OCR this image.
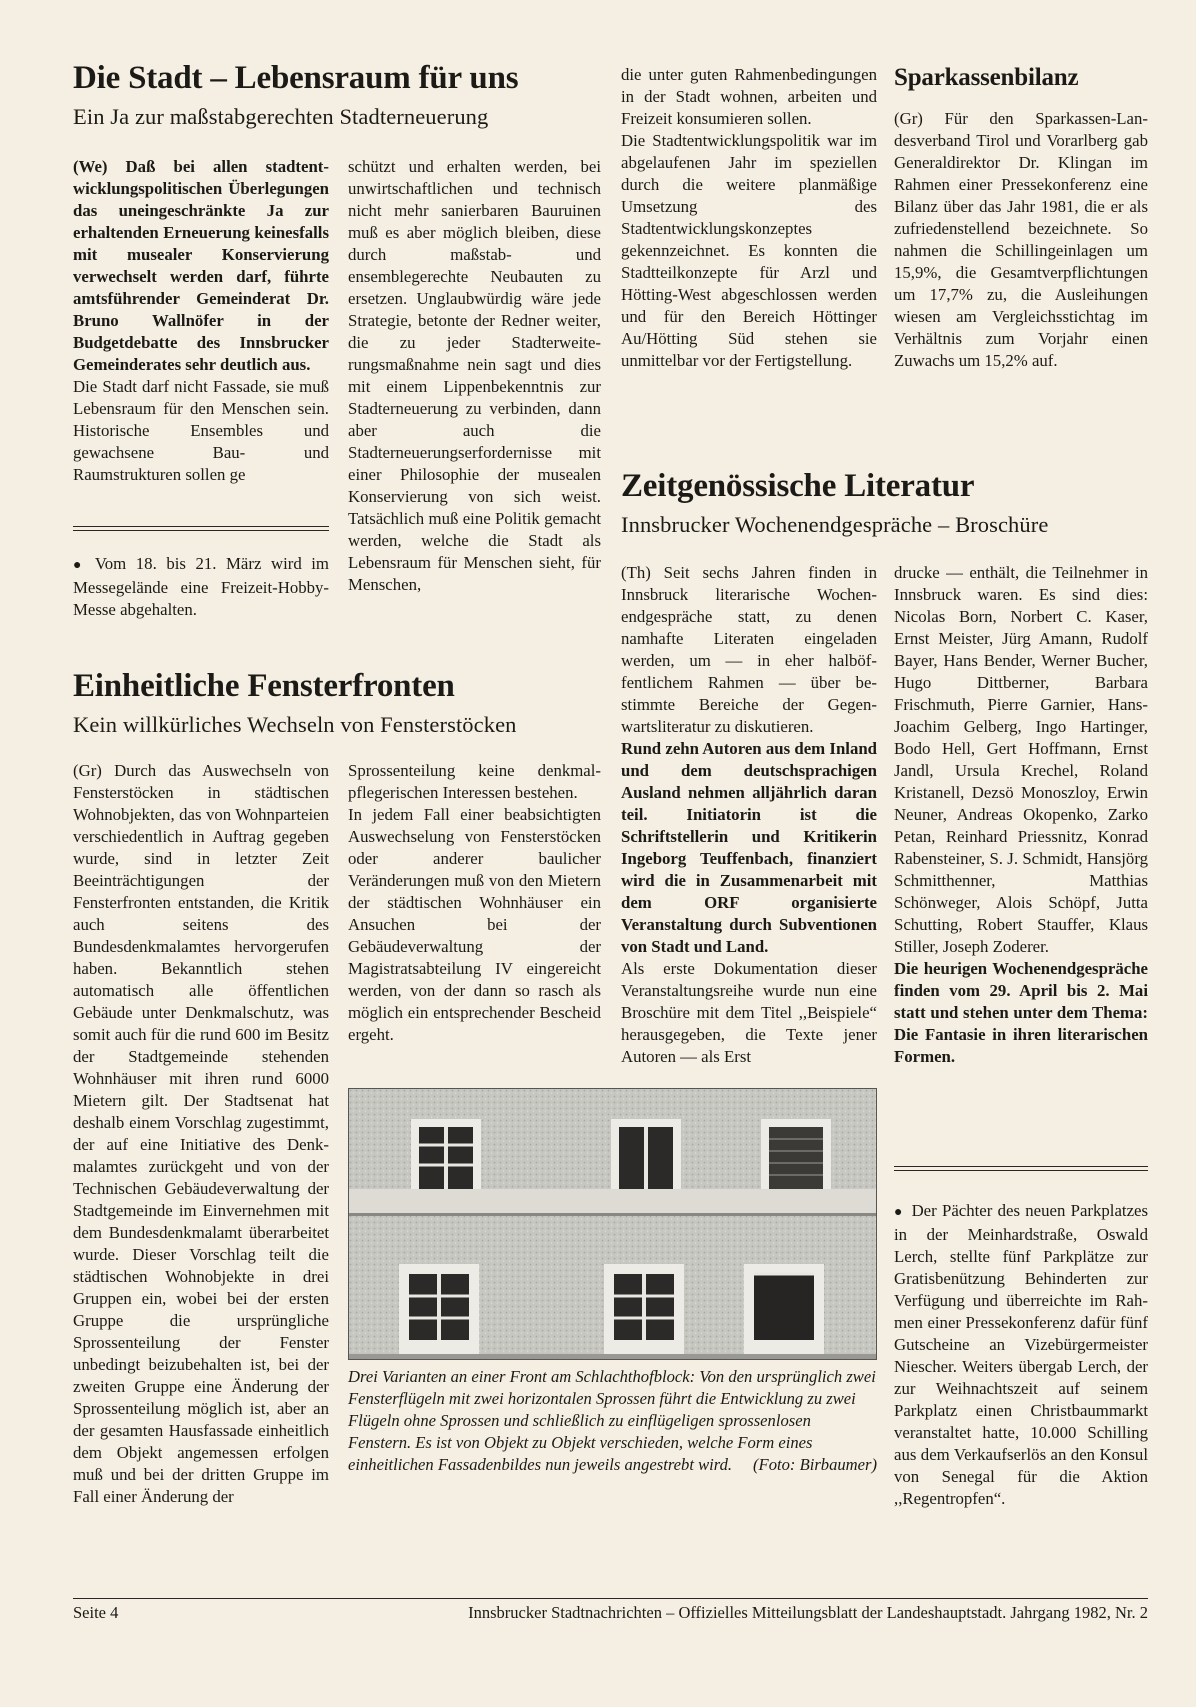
Die Stadt – Lebensraum für uns
Ein Ja zur maßstabgerechten Stadterneuerung

(We) Daß bei allen stadtentwicklungspolitischen Überlegungen das uneingeschränkte Ja zur erhaltenden Erneuerung keinesfalls mit musealer Konservierung verwechselt werden darf, führte amtsführender Gemeinderat Dr. Bruno Wallnöfer in der Budgetdebatte des Innsbrucker Gemeinderates sehr deutlich aus.

Die Stadt darf nicht Fassade, sie muß Lebensraum für den Menschen sein. Historische Ensembles und gewachsene Bau- und Raumstrukturen sollen ge

schützt und erhalten werden, bei unwirtschaftlichen und technisch nicht mehr sanierbaren Bauruinen muß es aber möglich bleiben, diese durch maßstab- und ensemblegerechte Neubauten zu ersetzen. Unglaubwürdig wäre jede Strategie, betonte der Redner weiter, die zu jeder Stadterweiterungsmaßnahme nein sagt und dies mit einem Lippenbekenntnis zur Stadterneuerung zu verbinden, dann aber auch die Stadterneuerungserfordernisse mit einer Philosophie der musealen Konservierung von sich weist. Tatsächlich muß eine Politik gemacht werden, welche die Stadt als Lebensraum für Menschen sieht, für Menschen,

● Vom 18. bis 21. März wird im Messegelände eine Freizeit-Hobby-Messe abgehalten.

die unter guten Rahmenbedingungen in der Stadt wohnen, arbeiten und Freizeit konsumieren sollen.

Die Stadtentwicklungspolitik war im abgelaufenen Jahr im speziellen durch die weitere planmäßige Umsetzung des Stadtentwicklungskonzeptes gekennzeichnet. Es konnten die Stadtteilkonzepte für Arzl und Hötting-West abgeschlossen werden und für den Bereich Höttinger Au/Hötting Süd stehen sie unmittelbar vor der Fertigstellung.

Sparkassenbilanz

(Gr) Für den Sparkassen-Landesverband Tirol und Vorarlberg gab Generaldirektor Dr. Klingan im Rahmen einer Pressekonferenz eine Bilanz über das Jahr 1981, die er als zufriedenstellend bezeichnete. So nahmen die Schillingeinlagen um 15,9%, die Gesamtverpflichtungen um 17,7% zu, die Ausleihungen wiesen am Vergleichsstichtag im Verhältnis zum Vorjahr einen Zuwachs um 15,2% auf.

Zeitgenössische Literatur
Innsbrucker Wochenendgespräche – Broschüre

(Th) Seit sechs Jahren finden in Innsbruck literarische Wochenendgespräche statt, zu denen namhafte Literaten eingeladen werden, um — in eher halböffentlichem Rahmen — über bestimmte Bereiche der Gegenwartsliteratur zu diskutieren.

Rund zehn Autoren aus dem Inland und dem deutschsprachigen Ausland nehmen alljährlich daran teil. Initiatorin ist die Schriftstellerin und Kritikerin Ingeborg Teuffenbach, finanziert wird die in Zusammenarbeit mit dem ORF organisierte Veranstaltung durch Subventionen von Stadt und Land.

Als erste Dokumentation dieser Veranstaltungsreihe wurde nun eine Broschüre mit dem Titel ,,Beispiele“ herausgegeben, die Texte jener Autoren — als Erst

drucke — enthält, die Teilnehmer in Innsbruck waren. Es sind dies: Nicolas Born, Norbert C. Kaser, Ernst Meister, Jürg Amann, Rudolf Bayer, Hans Bender, Werner Bucher, Hugo Dittberner, Barbara Frischmuth, Pierre Garnier, Hans-Joachim Gelberg, Ingo Hartinger, Bodo Hell, Gert Hoffmann, Ernst Jandl, Ursula Krechel, Roland Kristanell, Dezsö Monoszloy, Erwin Neuner, Andreas Okopenko, Zarko Petan, Reinhard Priessnitz, Konrad Rabensteiner, S. J. Schmidt, Hansjörg Schmitthenner, Matthias Schönweger, Alois Schöpf, Jutta Schutting, Robert Stauffer, Klaus Stiller, Joseph Zoderer.

Die heurigen Wochenendgespräche finden vom 29. April bis 2. Mai statt und stehen unter dem Thema: Die Fantasie in ihren literarischen Formen.

● Der Pächter des neuen Parkplatzes in der Meinhardstraße, Oswald Lerch, stellte fünf Parkplätze zur Gratisbenützung Behinderten zur Verfügung und überreichte im Rahmen einer Pressekonferenz dafür fünf Gutscheine an Vizebürgermeister Niescher. Weiters übergab Lerch, der zur Weihnachtszeit auf seinem Parkplatz einen Christbaummarkt veranstaltet hatte, 10.000 Schilling aus dem Verkaufserlös an den Konsul von Senegal für die Aktion ,,Regentropfen“.

Einheitliche Fensterfronten
Kein willkürliches Wechseln von Fensterstöcken

(Gr) Durch das Auswechseln von Fensterstöcken in städtischen Wohnobjekten, das von Wohnparteien verschiedentlich in Auftrag gegeben wurde, sind in letzter Zeit Beeinträchtigungen der Fensterfronten entstanden, die Kritik auch seitens des Bundesdenkmalamtes hervorgerufen haben. Bekanntlich stehen automatisch alle öffentlichen Gebäude unter Denkmalschutz, was somit auch für die rund 600 im Besitz der Stadtgemeinde stehenden Wohnhäuser mit ihren rund 6000 Mietern gilt. Der Stadtsenat hat deshalb einem Vorschlag zugestimmt, der auf eine Initiative des Denkmalamtes zurückgeht und von der Technischen Gebäudeverwaltung der Stadtgemeinde im Einvernehmen mit dem Bundesdenkmalamt überarbeitet wurde. Dieser Vorschlag teilt die städtischen Wohnobjekte in drei Gruppen ein, wobei bei der ersten Gruppe die ursprüngliche Sprossenteilung der Fenster unbedingt beizubehalten ist, bei der zweiten Gruppe eine Änderung der Sprossenteilung möglich ist, aber an der gesamten Hausfassade einheitlich dem Objekt angemessen erfolgen muß und bei der dritten Gruppe im Fall einer Änderung der

Sprossenteilung keine denkmalpflegerischen Interessen bestehen.

In jedem Fall einer beabsichtigten Auswechselung von Fensterstöcken oder anderer baulicher Veränderungen muß von den Mietern der städtischen Wohnhäuser ein Ansuchen bei der Gebäudeverwaltung der Magistratsabteilung IV eingereicht werden, von der dann so rasch als möglich ein entsprechender Bescheid ergeht.

Drei Varianten an einer Front am Schlachthofblock: Von den ursprünglich zwei Fensterflügeln mit zwei horizontalen Sprossen führt die Entwicklung zu zwei Flügeln ohne Sprossen und schließlich zu einflügeligen sprossenlosen Fenstern. Es ist von Objekt zu Objekt verschieden, welche Form eines einheitlichen Fassadenbildes nun jeweils angestrebt wird. (Foto: Birbaumer)
Seite 4	Innsbrucker Stadtnachrichten – Offizielles Mitteilungsblatt der Landeshauptstadt. Jahrgang 1982, Nr. 2
